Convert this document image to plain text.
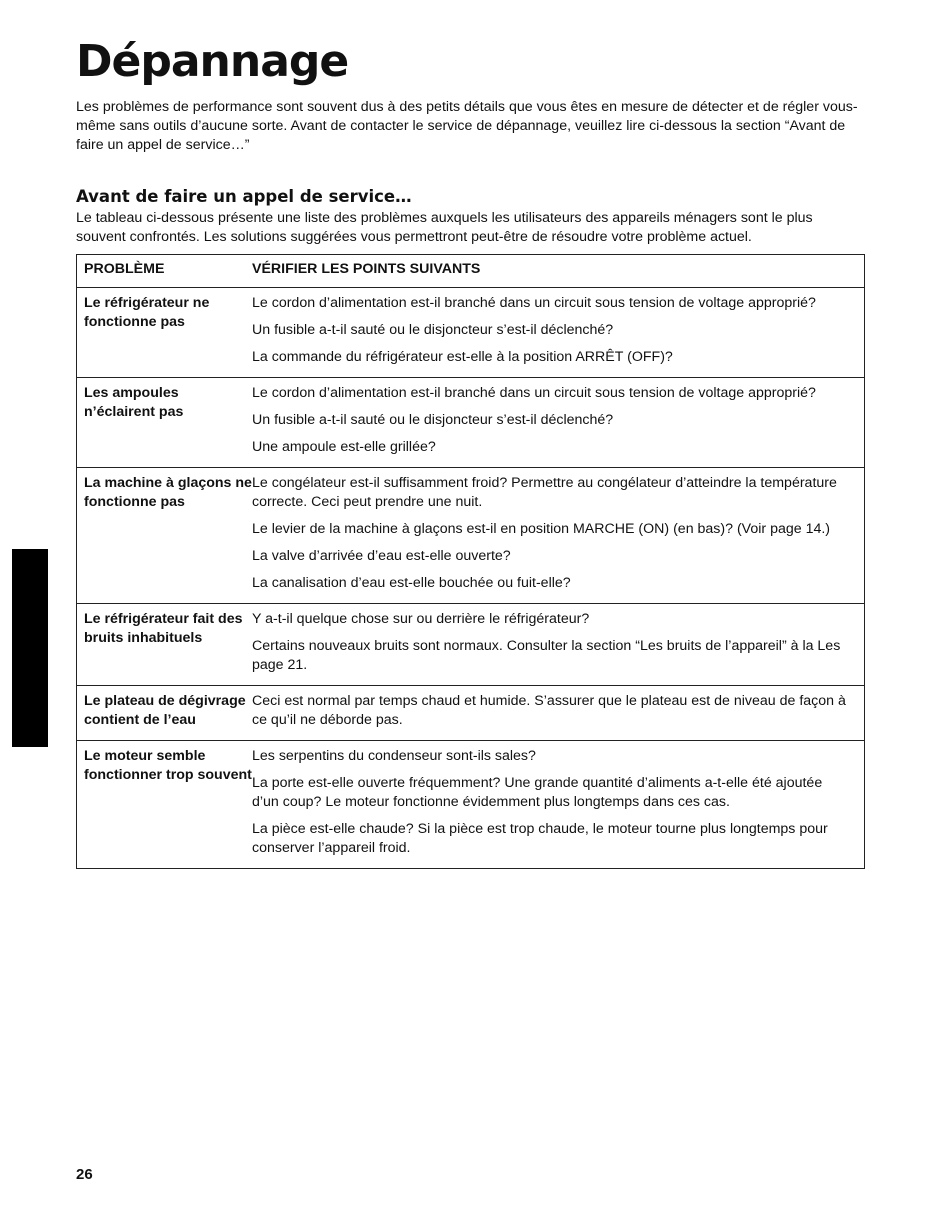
Dépannage

Les problèmes de performance sont souvent dus à des petits détails que vous êtes en mesure de détecter et de régler vous-même sans outils d’aucune sorte. Avant de contacter le service de dépannage, veuillez lire ci-dessous la section “Avant de faire un appel de service…”

Avant de faire un appel de service…

Le tableau ci-dessous présente une liste des problèmes auxquels les utilisateurs des appareils ménagers sont le plus souvent confrontés. Les solutions suggérées vous permettront peut-être de résoudre votre problème actuel.

PROBLÈME	VÉRIFIER LES POINTS SUIVANTS
Le réfrigérateur ne fonctionne pas	Le cordon d’alimentation est-il branché dans un circuit sous tension de voltage approprié?

Un fusible a-t-il sauté ou le disjoncteur s’est-il déclenché?

La commande du réfrigérateur est-elle à la position ARRÊT (OFF)?

Les ampoules n’éclairent pas	Le cordon d’alimentation est-il branché dans un circuit sous tension de voltage approprié?

Un fusible a-t-il sauté ou le disjoncteur s’est-il déclenché?

Une ampoule est-elle grillée?

La machine à glaçons ne fonctionne pas	Le congélateur est-il suffisamment froid? Permettre au congélateur d’atteindre la température correcte. Ceci peut prendre une nuit.

Le levier de la machine à glaçons est-il en position MARCHE (ON) (en bas)? (Voir page 14.)

La valve d’arrivée d’eau est-elle ouverte?

La canalisation d’eau est-elle bouchée ou fuit-elle?

Le réfrigérateur fait des bruits inhabituels	Y a-t-il quelque chose sur ou derrière le réfrigérateur?

Certains nouveaux bruits sont normaux. Consulter la section “Les bruits de l’appareil” à la Les page 21.

Le plateau de dégivrage contient de l’eau	Ceci est normal par temps chaud et humide. S’assurer que le plateau est de niveau de façon à ce qu’il ne déborde pas.

Le moteur semble fonctionner trop souvent	Les serpentins du condenseur sont-ils sales?

La porte est-elle ouverte fréquemment? Une grande quantité d’aliments a-t-elle été ajoutée d’un coup? Le moteur fonctionne évidemment plus longtemps dans ces cas.

La pièce est-elle chaude? Si la pièce est trop chaude, le moteur tourne plus longtemps pour conserver l’appareil froid.

26
